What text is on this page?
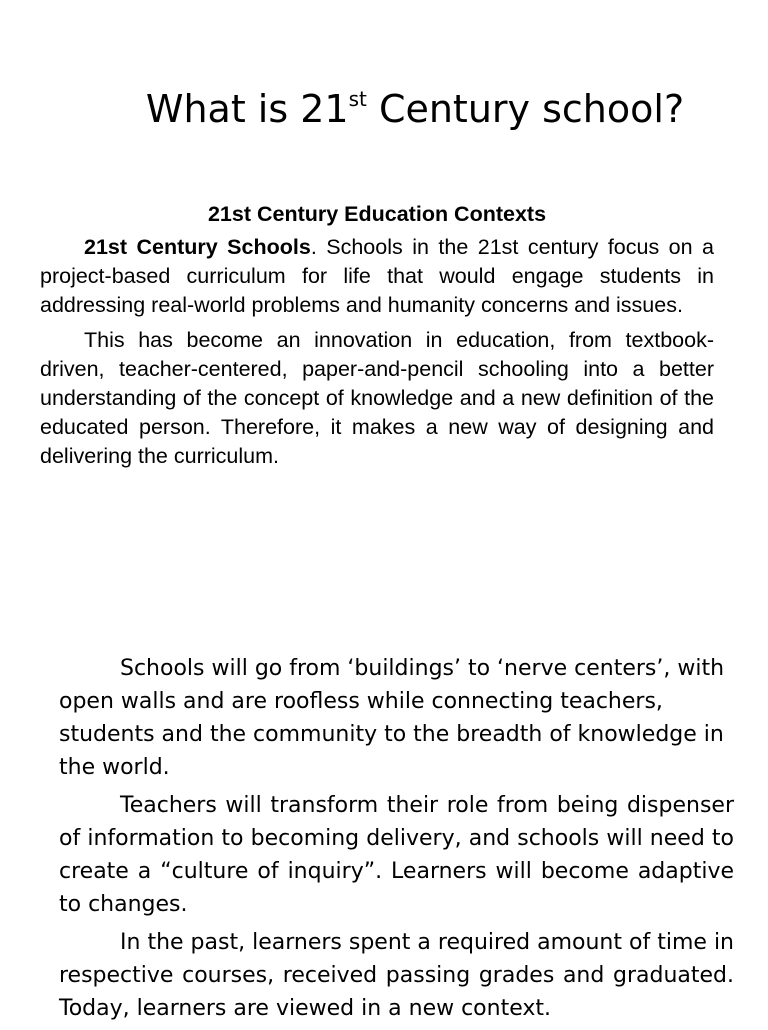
What is 21st Century school?

21st Century Education Contexts

21st Century Schools. Schools in the 21st century focus on a project-based curriculum for life that would engage students in addressing real-world problems and humanity concerns and issues.

This has become an innovation in education, from textbook-driven, teacher-centered, paper-and-pencil schooling into a better understanding of the concept of knowledge and a new definition of the educated person. Therefore, it makes a new way of designing and delivering the curriculum.

Schools will go from ‘buildings’ to ‘nerve centers’, with open walls and are roofless while connecting teachers, students and the community to the breadth of knowledge in the world.

Teachers will transform their role from being dispenser of information to becoming delivery, and schools will need to create a “culture of inquiry”. Learners will become adaptive to changes.

In the past, learners spent a required amount of time in respective courses, received passing grades and graduated. Today, learners are viewed in a new context.
